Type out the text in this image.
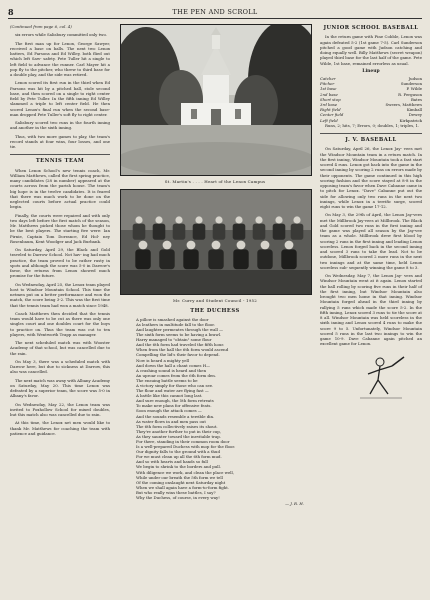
8	THE PEN AND SCROLL

(Continued from page 6, col. 4)

six errors while Salisbury committed only two.

The first man up for Lenox, George Sawyer, received a base on balls. The next two Lenox batters, Ed Parsons and Ed Willey, both flied out which left Saw- safety. Pete Tuller hit a single to left field to advance the runner. Carl Mayer hit a pop fly to the pitcher, who threw to third base for a double play, and the side was retired.

Lenox scored its first run in the third when Ed Parsons was hit by a pitched ball, stole second base, and then scored on a single to right center field by Pete Tuller. In the fifth inning Ed Willey slammed a triple to left center field. He then scored Lenox's final run when the second base- man dropped Pete Tuller's soft fly to right center.

Salisbury scored two runs in the fourth inning and another in the sixth inning.

Thus, with two more games to play, the team's record stands at four wins, four losses, and one tie.

TENNIS TEAM

When Lenox School's new tennis coach, Mr. William Matthews, called the first spring practice, many candidates (28 in number) appeared at the courts across from the parish house. The team's big hope is in the twelve candidates. It is feared that there was much work to be done on the neglected courts before actual practice could begin.

Finally, the courts were repaired and with only two days left before the first match of the season, Mr. Matthews picked those whom he thought to be the best players. The starting five were: Ian Pirnie, Captain Tom Dorrance, Ed Hol- ney Rosenbaum, Kent Woodger and Jack Burbank.

On Saturday, April 29, the Black and Gold traveled to Darrow School. Not hav- ing had much practice, the team proved to be rather rusty in spots and although the score was 5-0 in Darrow's favor, the returns from Lenox showed much promise for the future.

On Wednesday, April 25, the Lenox team played host to Windsor Mountain School. This time the netmen put on a better performance and won the match, the score being 3-2. This was the first time that the tennis team had won a match since 1948.

Coach Matthews then decided that the tennis team would have to be cut as there was only one singles court and one doubles court for the boys to practice on. Thus the team was cut to ten players, with Wentworth Trapp as manager.

The next scheduled match was with Wooster Academy of that school, but was cancelled due to the rain.

On May 3, there was a scheduled match with Darrow here, but due to sickness at Darrow, this also was cancelled.

The next match was away with Albany Academy on Saturday, May 20. This time Lenox was defeated by a superior team, the score was 5-0 in Albany's favor.

On Wednesday, May 22, the Lenox team was invited to Foxhollow School for mixed doubles, but this match also was cancelled due to rain.

At this time, the Lenox net men would like to thank Mr. Matthews for coaching the team with patience and guidance.

St. Martin's . . . . Heart of the Lenox Campus
Mr. Curry and Student Council - 1952
THE DUCHESS
A pillow is smashed against the door
As leathers in multitude fall to the floor.
And laughter permeates through the wall —
The sixth form seems to be having a brawl.
Harry managed to "obtain" some flour
And the 6th form had traveled the fifth hour.
When from the hall the 6th form would ascend
Compelling the lid's their favor to depend.
Now is heard a mighty yell
And down the hall a chant comes H—
A crashing sound is heard and then
An uproar comes from the 6th form den.
The ensuing battle seems to be
A victory simply for those who can see.
The flour and water are flying fast —
A battle like this cannot long last.
And sure enough, the 5th form retreats
To make new plans for offensive feats.
Soon enough the attack comes —
And the sounds resemble a terrible din.
As water flows in and men pass out
The 6th form collectively raises its shout.
They're another further to put in their cup,
As they saunter toward the inevitable trap.
For there, standing in their common room door
Is a well-prepared Duchess with mop for the floor.
Our dignity falls to the ground with a thud
For we must clean up all the 6th form mud.
And so with hearts and hands so full
We begin to shrink to the borders and pull.
With diligence we work, and clean the place well,
While under our breath the 5th form we tell
Of the coming onslaught next Saturday night
When we shall again have a form-to-form fight.
But who really wins these battles, I say?
Why the Duchess, of course, in every way!
— J. R. H.
JUNIOR SCHOOL BASEBALL

In the return game with Pine Cobble, Lenox was again defeated 5-2 (1st game 7-5). Carl Sunderson pitched a good game with Judson catching and doing equally well. Billy Matthews (secret weapon) played third base for the last half of the game. Pete Wilde, 1st base, remained errorless as usual.

Lineup
Catcher	Judson
Pitcher	Sunderson
1st base	P. Wilde
2nd base	R. Ferguson
Short stop	Bates
3rd base	Sweers, Matthews
Right field	Kimball
Center field	Dewey
Left field	Kirkpatrick

Runs, 2; hits, 7; Errors, 0; doubles, 1; triples, 1.

J. V. BASEBALL

On Saturday, April 26, the Lenox Jay- vees met the Windsor Mountain team in a return match. In the first inning, Windsor Mountain took a fast start scored 4 runs. Lenox got back into the game in the second inning by scoring 2 runs on errors made by their opponents. The game continued in this high scoring fashion and the score stayed at 8-8 in the opposing team's favor when Dave Cabanne came in to pitch for Lenox. "Dave" Cabanne put out the side for allowing only two runs in the next two innings, while Lenox in a terrific surge, scored eight runs to win the game 17-12.

On May 3, the 29th of April, the Lenox Jay-vees met the Millbrook Jay-vees at Millbrook. The Black and Gold scored two runs in the first inning and the game was played all season by the Jay-vee team as a whole. Millbrook drew first blood by scoring 2 runs in the first inning and leading Lenox scoreless. Lenox forged back in the second inning and scored 3 runs to take the lead. Not to be outdone, Millbrook scored 2 more runs in the next two innings and at the same time, held Lenox scoreless sub- sequently winning the game 8 to 3.

On Wednesday, May 7, the Lenox Jay- vees and Windsor Mountain went at it again. Lenox started the ball rolling by scoring five runs in their half of the first inning, but Windsor Mountain also brought two men home in that inning. Windsor Mountain forged ahead in the third inning by rallying 5 runs which made the score 5-2. In the fifth inning, Lenox scored 3 runs to tie the score at 8 all. Windsor Mountain was held scoreless in the sixth inning and Lenox scored 4 runs to make the score 9 to 5. Unfortunately, Windsor Mountain scored 5 runs in the last two innings to win the game 10-9. Dave Cabanne again pitched an excellent game for Lenox.
